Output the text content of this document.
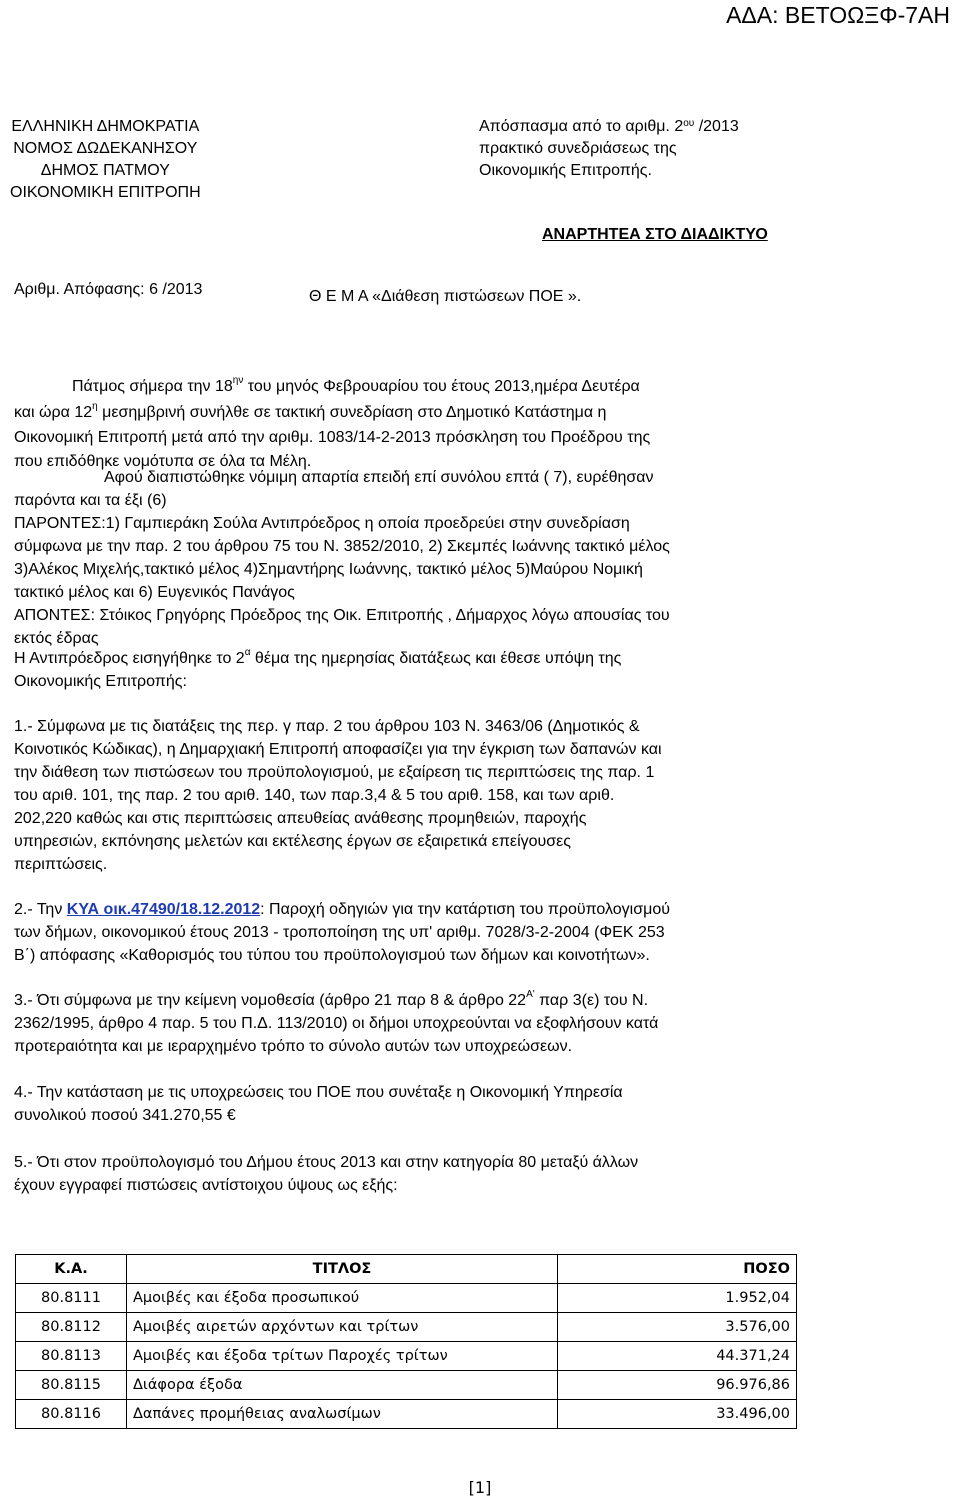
ΑΔΑ: ΒΕΤΟΩΞΦ-7ΑΗ
ΕΛΛΗΝΙΚΗ ΔΗΜΟΚΡΑΤΙΑ
ΝΟΜΟΣ ΔΩΔΕΚΑΝΗΣΟΥ
ΔΗΜΟΣ ΠΑΤΜΟΥ
ΟΙΚΟΝΟΜΙΚΗ ΕΠΙΤΡΟΠΗ
Απόσπασμα από το αριθμ. $2^{o\upsilon}$ /2013
πρακτικό συνεδριάσεως της
Οικονομικής Επιτροπής.
ΑΝΑΡΤΗΤΕΑ ΣΤΟ ΔΙΑΔΙΚΤΥΟ
Αριθμ. Απόφασης: 6 /2013	Θ Ε Μ Α «Διάθεση πιστώσεων ΠΟΕ ».
Πάτμος σήμερα την $18^{\eta\nu}$ του μηνός Φεβρουαρίου του έτους 2013,ημέρα Δευτέρα
και ώρα $12^\eta$ μεσημβρινή συνήλθε σε τακτική συνεδρίαση στο Δημοτικό Κατάστημα η
Οικονομική Επιτροπή μετά από την αριθμ. 1083/14-2-2013 πρόσκληση του Προέδρου της
που επιδόθηκε νομότυπα σε όλα τα Μέλη.
Αφού διαπιστώθηκε νόμιμη απαρτία επειδή επί συνόλου επτά ( 7), ευρέθησαν
παρόντα και τα έξι (6)
ΠΑΡΟΝΤΕΣ:1) Γαμπιεράκη Σούλα Αντιπρόεδρος η οποία προεδρεύει στην συνεδρίαση
σύμφωνα με την παρ. 2 του άρθρου 75 του Ν. 3852/2010, 2) Σκεμπές Ιωάννης τακτικό μέλος
3)Αλέκος Μιχελής,τακτικό μέλος 4)Σημαντήρης Ιωάννης, τακτικό μέλος 5)Μαύρου Νομική
τακτικό μέλος και 6) Ευγενικός Πανάγος
ΑΠΟΝΤΕΣ: Στόικος Γρηγόρης Πρόεδρος της Οικ. Επιτροπής , Δήμαρχος λόγω απουσίας του
εκτός έδρας
Η Αντιπρόεδρος εισηγήθηκε το $2^\alpha$ θέμα της ημερησίας διατάξεως και έθεσε υπόψη της
Οικονομικής Επιτροπής:
1.- Σύμφωνα με τις διατάξεις της περ. γ παρ. 2 του άρθρου 103 Ν. 3463/06 (Δημοτικός &
Κοινοτικός Κώδικας), η Δημαρχιακή Επιτροπή αποφασίζει για την έγκριση των δαπανών και
την διάθεση των πιστώσεων του προϋπολογισμού, με εξαίρεση τις περιπτώσεις της παρ. 1
του αριθ. 101, της παρ. 2 του αριθ. 140, των παρ.3,4 & 5 του αριθ. 158, και των αριθ.
202,220 καθώς και στις περιπτώσεις απευθείας ανάθεσης προμηθειών, παροχής
υπηρεσιών, εκπόνησης μελετών και εκτέλεσης έργων σε εξαιρετικά επείγουσες
περιπτώσεις.
2.- Την ΚΥΑ οικ.47490/18.12.2012: Παροχή οδηγιών για την κατάρτιση του προϋπολογισμού
των δήμων, οικονομικού έτους 2013 - τροποποίηση της υπ' αριθμ. 7028/3-2-2004 (ΦΕΚ 253
Β΄) απόφασης «Καθορισμός του τύπου του προϋπολογισμού των δήμων και κοινοτήτων».
3.- Ότι σύμφωνα με την κείμενη νομοθεσία (άρθρο 21 παρ 8 & άρθρο $22^{A'}$ παρ 3(ε) του Ν.
2362/1995, άρθρο 4 παρ. 5 του Π.Δ. 113/2010) οι δήμοι υποχρεούνται να εξοφλήσουν κατά
προτεραιότητα και με ιεραρχημένο τρόπο το σύνολο αυτών των υποχρεώσεων.
4.- Την κατάσταση με τις υποχρεώσεις του ΠΟΕ που συνέταξε η Οικονομική Υπηρεσία
συνολικού ποσού 341.270,55 €
5.- Ότι στον προϋπολογισμό του Δήμου έτους 2013 και στην κατηγορία 80 μεταξύ άλλων
έχουν εγγραφεί πιστώσεις αντίστοιχου ύψους ως εξής:
Κ.Α.	ΤΙΤΛΟΣ	ΠΟΣΟ
80.8111	Αμοιβές και έξοδα προσωπικού	1.952,04
80.8112	Αμοιβές αιρετών αρχόντων και τρίτων	3.576,00
80.8113	Αμοιβές και έξοδα τρίτων Παροχές τρίτων	44.371,24
80.8115	Διάφορα έξοδα	96.976,86
80.8116	Δαπάνες προμήθειας αναλωσίμων	33.496,00
[1]
